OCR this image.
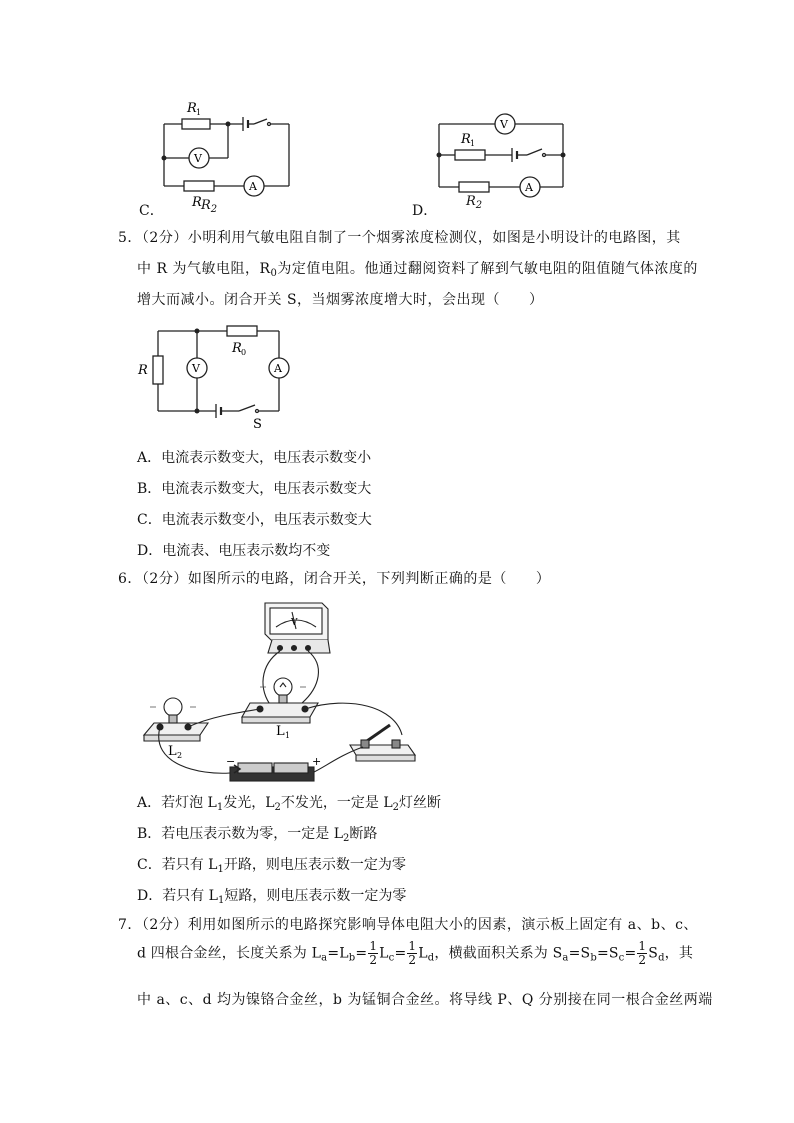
V
A
R 1
R
C．	$R_2$
V
A
R 1
D．
$R_2$
5．（2分）小明利用气敏电阻自制了一个烟雾浓度检测仪，如图是小明设计的电路图，其
中 R 为气敏电阻，$R_0$为定值电阻。他通过翻阅资料了解到气敏电阻的阻值随气体浓度的
增大而减小。闭合开关 S，当烟雾浓度增大时，会出现（　　）
R	V	A
R 0
S
A．电流表示数变大，电压表示数变小
B．电流表示数变大，电压表示数变大
C．电流表示数变小，电压表示数变大
D．电流表、电压表示数均不变
6．（2分）如图所示的电路，闭合开关，下列判断正确的是（　　）
V
L 1
L 2	−	+
A．若灯泡 $L_1$发光，$L_2$不发光，一定是 $L_2$灯丝断
B．若电压表示数为零，一定是 $L_2$断路
C．若只有 $L_1$开路，则电压表示数一定为零
D．若只有 $L_1$短路，则电压表示数一定为零
7．（2分）利用如图所示的电路探究影响导体电阻大小的因素，演示板上固定有 a、b、c、
d 四根合金丝，长度关系为 $L_a=L_b= \frac{1}{2} L_c= \frac{1}{2} L_d$，横截面积关系为 $S_a=S_b=S_c= \frac{1}{2} S_d$，其
中 a、c、d 均为镍铬合金丝，b 为锰铜合金丝。将导线 P、Q 分别接在同一根合金丝两端
